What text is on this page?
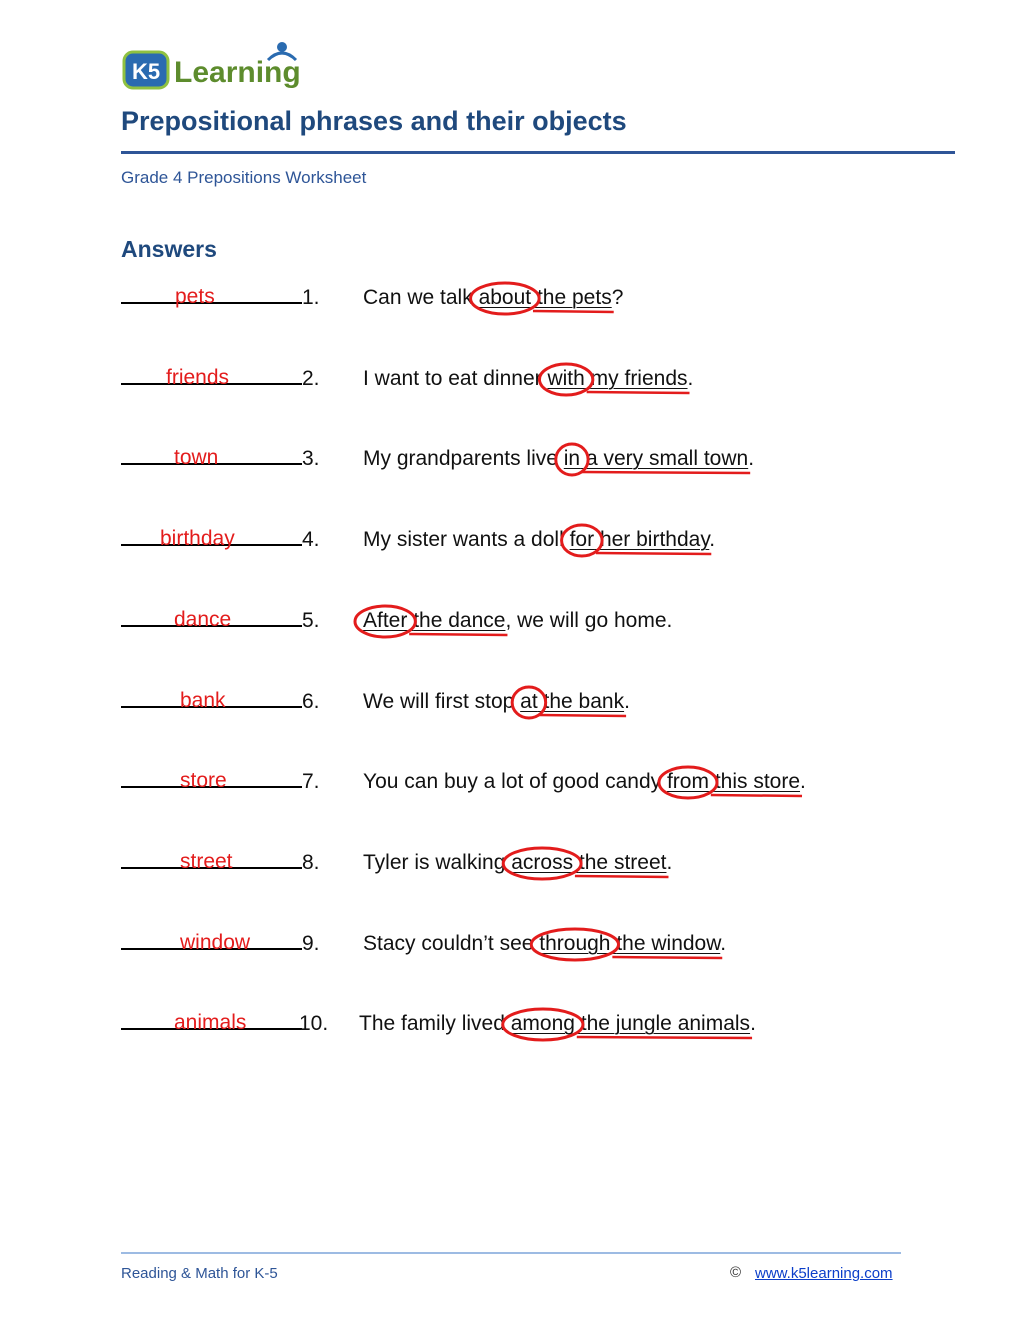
K5 Learning
Prepositional phrases and their objects
Grade 4 Prepositions Worksheet
Answers
pets	1. Can we talk about the pets?
friends	2. I want to eat dinner with my friends.
town	3. My grandparents live in a very small town.
birthday	4. My sister wants a doll for her birthday.
dance	5. After the dance, we will go home.
bank	6. We will first stop at the bank.
store	7. You can buy a lot of good candy from this store.
street	8. Tyler is walking across the street.
window 9. Stacy couldn’t see through the window.
animals	10. The family lived among the jungle animals.
Reading & Math for K-5	© www.k5learning.com
